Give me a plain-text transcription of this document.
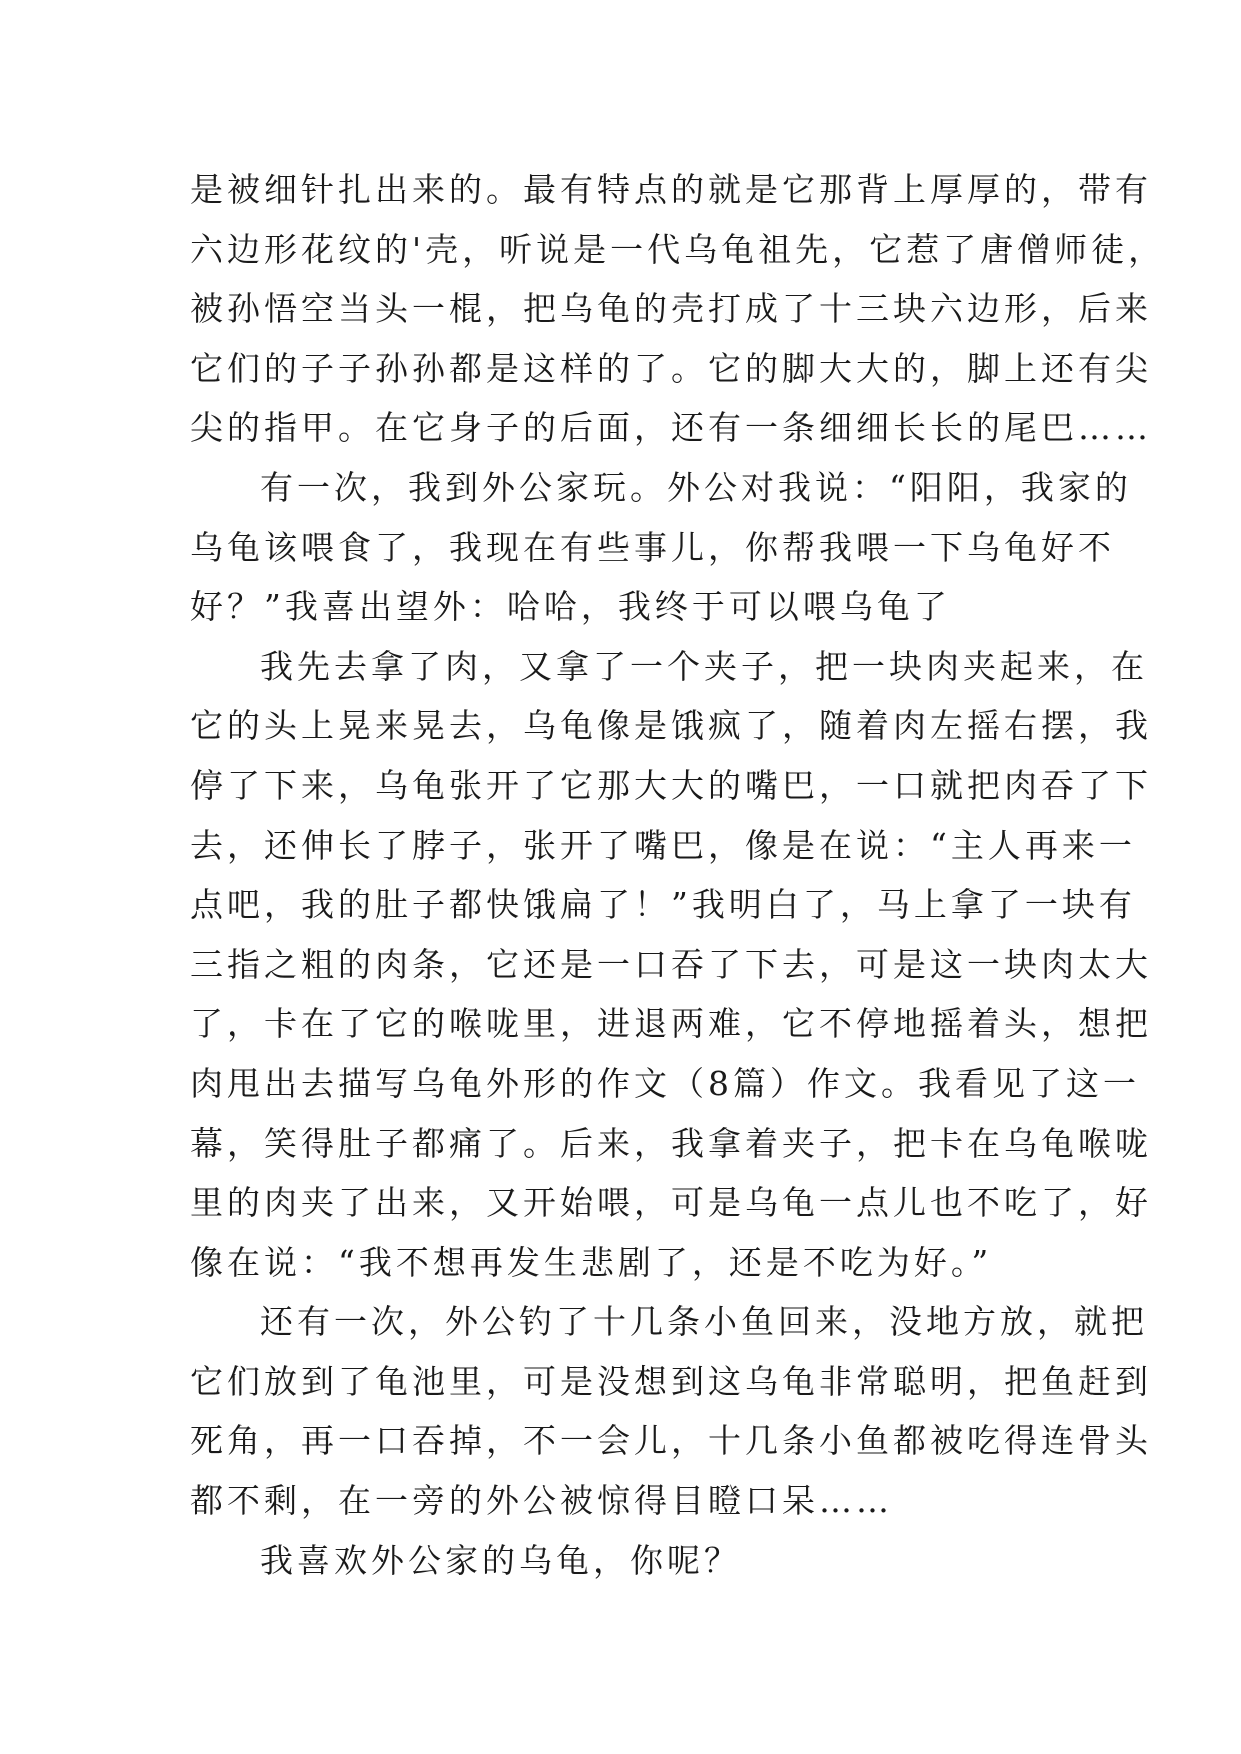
是被细针扎出来的。最有特点的就是它那背上厚厚的，带有
六边形花纹的'壳，听说是一代乌龟祖先，它惹了唐僧师徒，
被孙悟空当头一棍，把乌龟的壳打成了十三块六边形，后来
它们的子子孙孙都是这样的了。它的脚大大的，脚上还有尖
尖的指甲。在它身子的后面，还有一条细细长长的尾巴……

有一次，我到外公家玩。外公对我说：“阳阳，我家的
乌龟该喂食了，我现在有些事儿，你帮我喂一下乌龟好不
好？”我喜出望外：哈哈，我终于可以喂乌龟了

我先去拿了肉，又拿了一个夹子，把一块肉夹起来，在
它的头上晃来晃去，乌龟像是饿疯了，随着肉左摇右摆，我
停了下来，乌龟张开了它那大大的嘴巴，一口就把肉吞了下
去，还伸长了脖子，张开了嘴巴，像是在说：“主人再来一
点吧，我的肚子都快饿扁了！”我明白了，马上拿了一块有
三指之粗的肉条，它还是一口吞了下去，可是这一块肉太大
了，卡在了它的喉咙里，进退两难，它不停地摇着头，想把
肉甩出去描写乌龟外形的作文（8篇）作文。我看见了这一
幕，笑得肚子都痛了。后来，我拿着夹子，把卡在乌龟喉咙
里的肉夹了出来，又开始喂，可是乌龟一点儿也不吃了，好
像在说：“我不想再发生悲剧了，还是不吃为好。”

还有一次，外公钓了十几条小鱼回来，没地方放，就把
它们放到了龟池里，可是没想到这乌龟非常聪明，把鱼赶到
死角，再一口吞掉，不一会儿，十几条小鱼都被吃得连骨头
都不剩，在一旁的外公被惊得目瞪口呆……

我喜欢外公家的乌龟，你呢？
